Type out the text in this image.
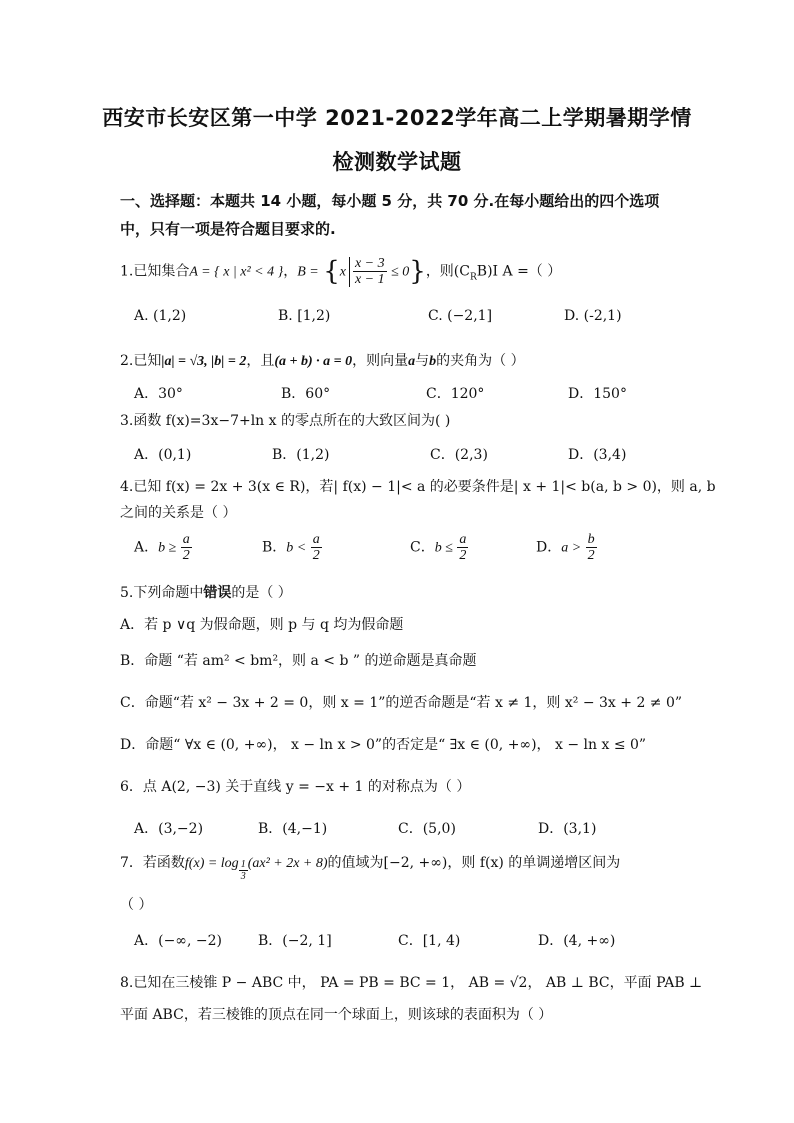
西安市长安区第一中学 2021-2022学年高二上学期暑期学情
检测数学试题
一、选择题：本题共 14 小题，每小题 5 分，共 70 分.在每小题给出的四个选项中，只有一项是符合题目要求的.
1.已知集合A = { x | x² < 4 }，$B = \{x \frac{x - 3}{x - 1} \le 0\}$，则$(C_RB)I$ A =（ ）
A. (1,2)	B. [1,2)	C. (−2,1]	D. (-2,1)
2.已知|a| = √3, |b| = 2，且(a + b) · a = 0，则向量a与b的夹角为（ ）
A．30°	B．60°	C．120°	D．150°
3.函数 f(x)=3x−7+ln x 的零点所在的大致区间为( )
A．(0,1)	B．(1,2)	C．(2,3)	D．(3,4)
4.已知 f(x) = 2x + 3(x ∈ R)，若| f(x) − 1|< a 的必要条件是| x + 1|< b(a, b > 0)，则 a, b
之间的关系是（ ）
A．$b \ge \frac{a}{2}$	B．$b < \frac{a}{2}$	C．$b \le \frac{a}{2}$	D．$a > \frac{b}{2}$
5.下列命题中错误的是（ ）
A．若 p ∨q 为假命题，则 p 与 q 均为假命题
B．命题 “若 am² < bm²，则 a < b ” 的逆命题是真命题
C．命题“若 x² − 3x + 2 = 0，则 x = 1”的逆否命题是“若 x ≠ 1，则 x² − 3x + 2 ≠ 0”
D．命题“ ∀x ∈ (0, +∞)， x − ln x > 0”的否定是“ ∃x ∈ (0, +∞)， x − ln x ≤ 0”
6．点 A(2, −3) 关于直线 y = −x + 1 的对称点为（ ）
A．(3,−2)	B．(4,−1)	C．(5,0)	D．(3,1)
7．若函数$f(x) = \log \frac{1}{3} (ax^2 + 2x + 8)$的值域为[−2, +∞)，则 f(x) 的单调递增区间为
（ ）
A．(−∞, −2)	B．(−2, 1]	C．[1, 4)	D．(4, +∞)
8.已知在三棱锥 P − ABC 中， PA = PB = BC = 1， AB = √2， AB ⊥ BC，平面 PAB ⊥
平面 ABC，若三棱锥的顶点在同一个球面上，则该球的表面积为（ ）
